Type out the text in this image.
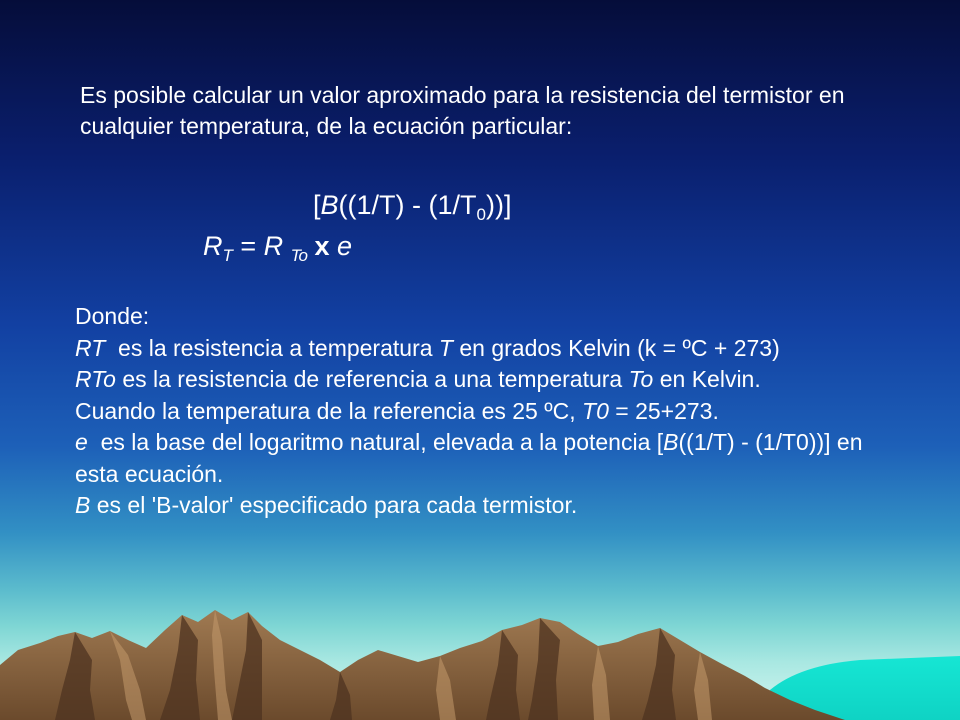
Es posible calcular un valor aproximado para la resistencia del termistor en cualquier temperatura, de la ecuación particular:

$[B((1/T) - (1/T_0))]$
$R_T = R$ $_{To}$ x e

Donde:

RT  es la resistencia a temperatura T en grados Kelvin (k = ºC + 273)

RTo es la resistencia de referencia a una temperatura To en Kelvin.

Cuando la temperatura de la referencia es 25 ºC, T0 = 25+273.

e  es la base del logaritmo natural, elevada a la potencia [B((1/T) - (1/T0))] en esta ecuación.

B es el 'B-valor' especificado para cada termistor.
